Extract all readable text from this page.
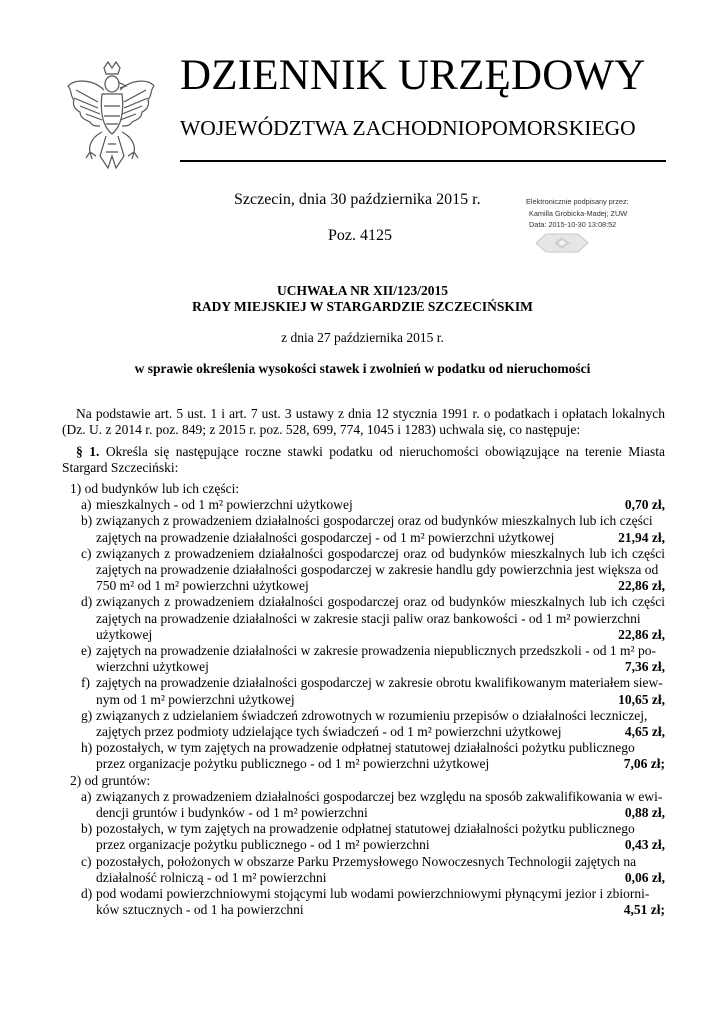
DZIENNIK URZĘDOWY
WOJEWÓDZTWA ZACHODNIOPOMORSKIEGO
Szczecin, dnia 30 października 2015 r.
Poz. 4125
Elektronicznie podpisany przez:
Kamilla Grobicka-Madej; ZUW
Data: 2015-10-30 13:08:52
UCHWAŁA NR XII/123/2015
RADY MIEJSKIEJ W STARGARDZIE SZCZECIŃSKIM
z dnia 27 października 2015 r.
w sprawie określenia wysokości stawek i zwolnień w podatku od nieruchomości
Na podstawie art. 5 ust. 1 i art. 7 ust. 3 ustawy z dnia 12 stycznia 1991 r. o podatkach i opłatach lokalnych (Dz. U. z 2014 r. poz. 849; z 2015 r. poz. 528, 699, 774, 1045 i 1283) uchwala się, co następuje:
§ 1. Określa się następujące roczne stawki podatku od nieruchomości obowiązujące na terenie Miasta Stargard Szczeciński:
1) od budynków lub ich części:
a) mieszkalnych - od 1 m² powierzchni użytkowej	0,70 zł,
b) związanych z prowadzeniem działalności gospodarczej oraz od budynków mieszkalnych lub ich części
zajętych na prowadzenie działalności gospodarczej - od 1 m² powierzchni użytkowej	21,94 zł,
c) związanych z prowadzeniem działalności gospodarczej oraz od budynków mieszkalnych lub ich części zajętych na prowadzenie działalności gospodarczej w zakresie handlu gdy powierzchnia jest większa od
750 m² od 1 m² powierzchni użytkowej	22,86 zł,
d) związanych z prowadzeniem działalności gospodarczej oraz od budynków mieszkalnych lub ich części zajętych na prowadzenie działalności w zakresie stacji paliw oraz bankowości - od 1 m² powierzchni
użytkowej	22,86 zł,
e) zajętych na prowadzenie działalności w zakresie prowadzenia niepublicznych przedszkoli - od 1 m² po-
wierzchni użytkowej	7,36 zł,
f) zajętych na prowadzenie działalności gospodarczej w zakresie obrotu kwalifikowanym materiałem siew-
nym od 1 m² powierzchni użytkowej	10,65 zł,
g) związanych z udzielaniem świadczeń zdrowotnych w rozumieniu przepisów o działalności leczniczej,
zajętych przez podmioty udzielające tych świadczeń - od 1 m² powierzchni użytkowej	4,65 zł,
h) pozostałych, w tym zajętych na prowadzenie odpłatnej statutowej działalności pożytku publicznego
przez organizacje pożytku publicznego - od 1 m² powierzchni użytkowej	7,06 zł;
2) od gruntów:
a) związanych z prowadzeniem działalności gospodarczej bez względu na sposób zakwalifikowania w ewi-
dencji gruntów i budynków - od 1 m² powierzchni	0,88 zł,
b) pozostałych, w tym zajętych na prowadzenie odpłatnej statutowej działalności pożytku publicznego
przez organizacje pożytku publicznego - od 1 m² powierzchni	0,43 zł,
c) pozostałych, położonych w obszarze Parku Przemysłowego Nowoczesnych Technologii zajętych na
działalność rolniczą - od 1 m² powierzchni	0,06 zł,
d) pod wodami powierzchniowymi stojącymi lub wodami powierzchniowymi płynącymi jezior i zbiorni-
ków sztucznych - od 1 ha powierzchni	4,51 zł;
